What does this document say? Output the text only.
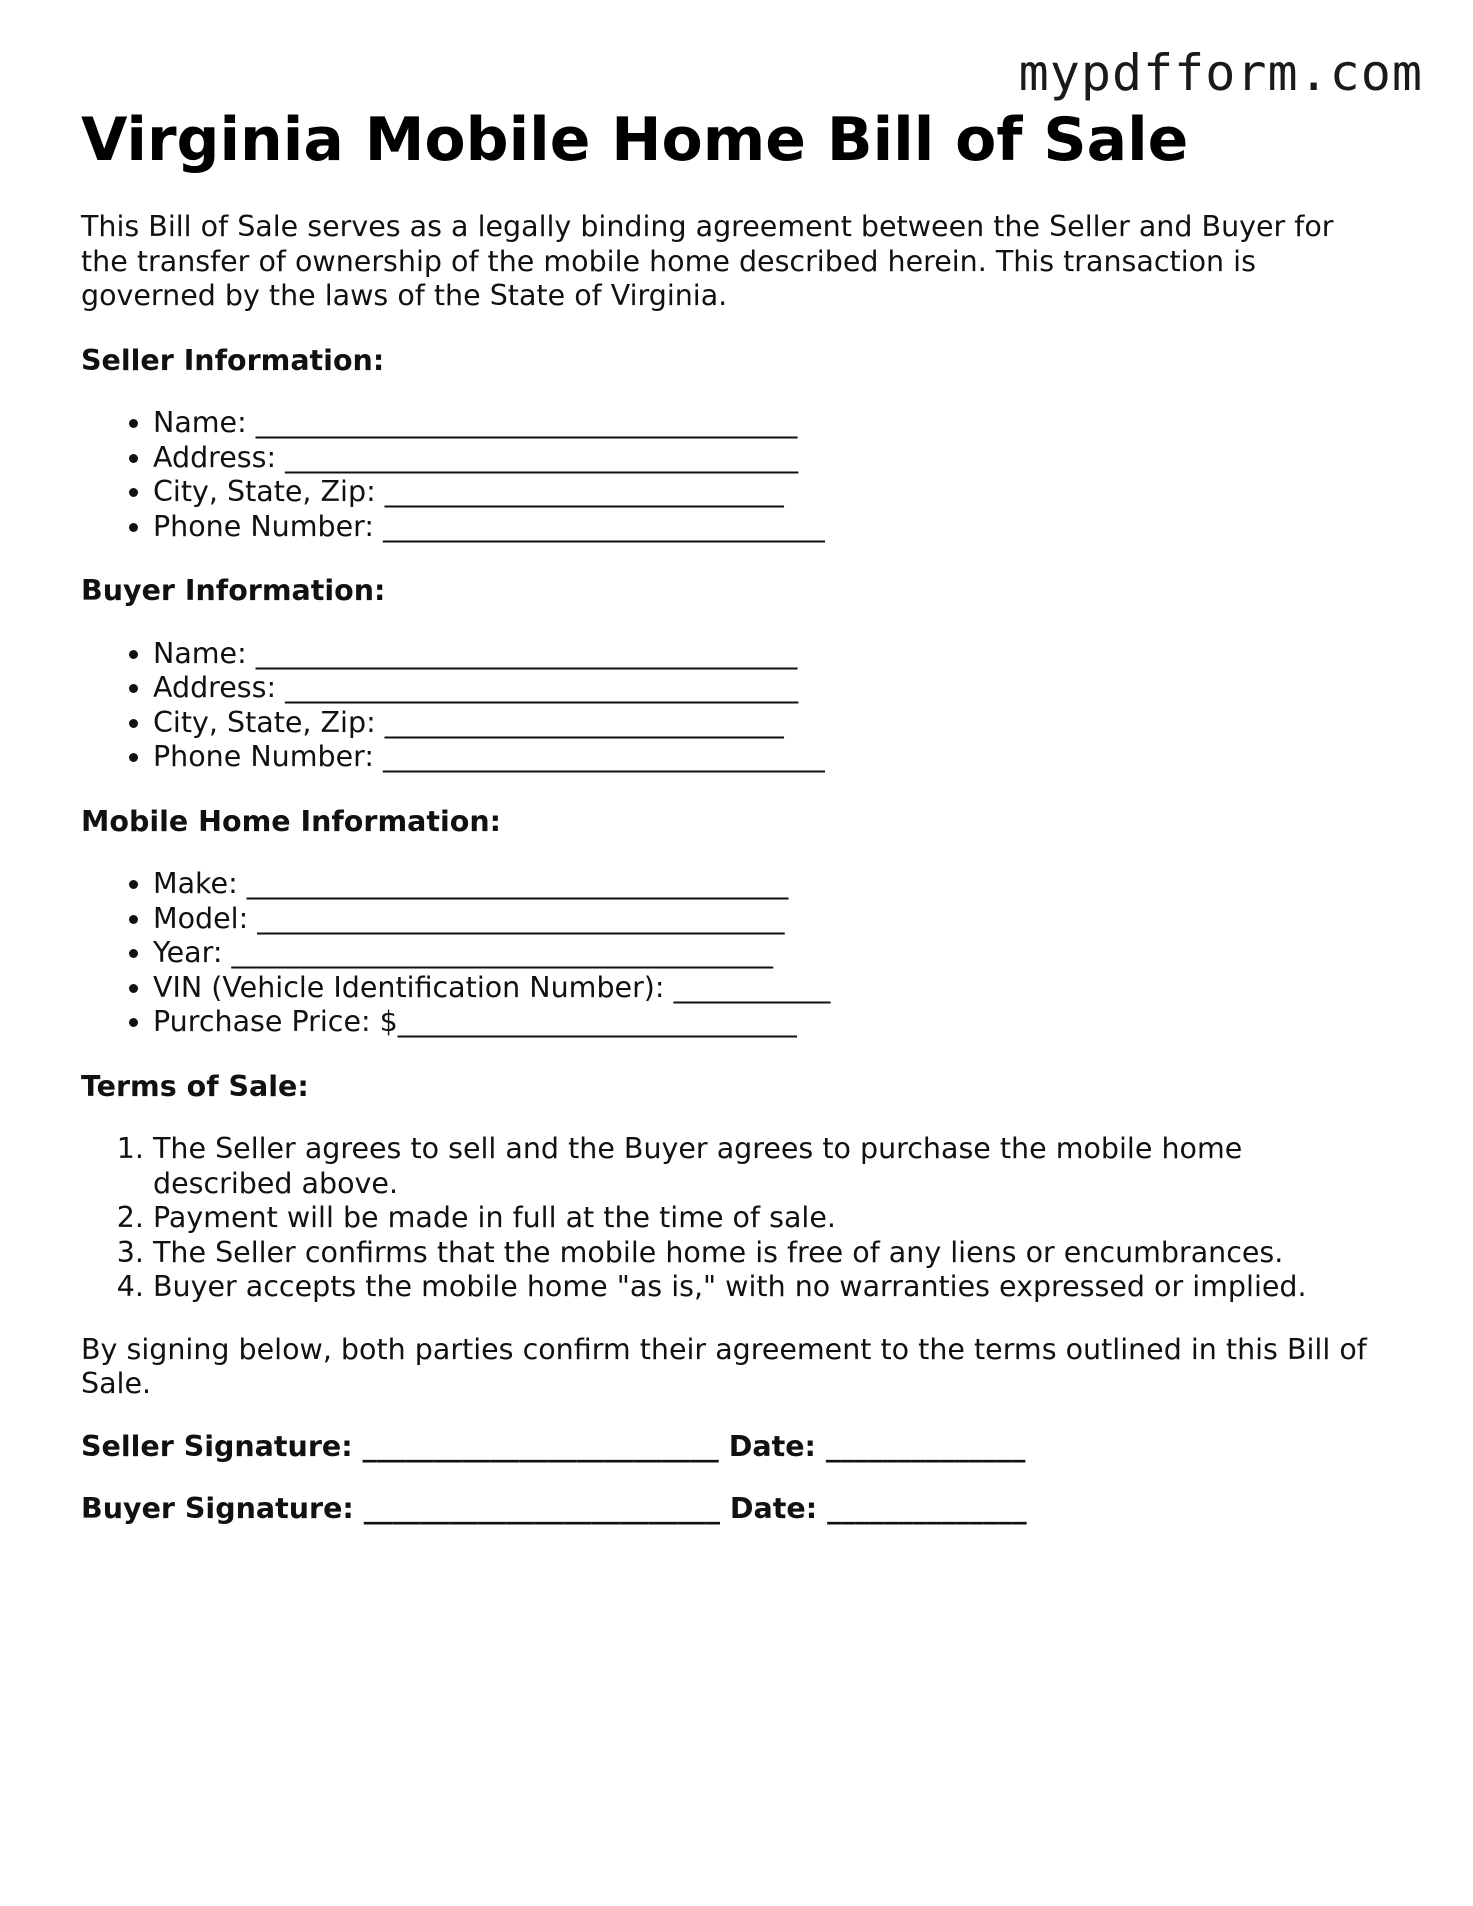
mypdfform.com
Virginia Mobile Home Bill of Sale

This Bill of Sale serves as a legally binding agreement between the Seller and Buyer for the transfer of ownership of the mobile home described herein. This transaction is governed by the laws of the State of Virginia.

Seller Information:
• Name: ______________________________________
• Address: ____________________________________
• City, State, Zip: ____________________________
• Phone Number: _______________________________
Buyer Information:
• Name: ______________________________________
• Address: ____________________________________
• City, State, Zip: ____________________________
• Phone Number: _______________________________
Mobile Home Information:
• Make: ______________________________________
• Model: _____________________________________
• Year: ______________________________________
• VIN (Vehicle Identification Number): ___________
• Purchase Price: $____________________________
Terms of Sale:
1. The Seller agrees to sell and the Buyer agrees to purchase the mobile home described above.
2. Payment will be made in full at the time of sale.
3. The Seller confirms that the mobile home is free of any liens or encumbrances.
4. Buyer accepts the mobile home "as is," with no warranties expressed or implied.

By signing below, both parties confirm their agreement to the terms outlined in this Bill of Sale.

Seller Signature: _________________________ Date: ______________

Buyer Signature: _________________________ Date: ______________
